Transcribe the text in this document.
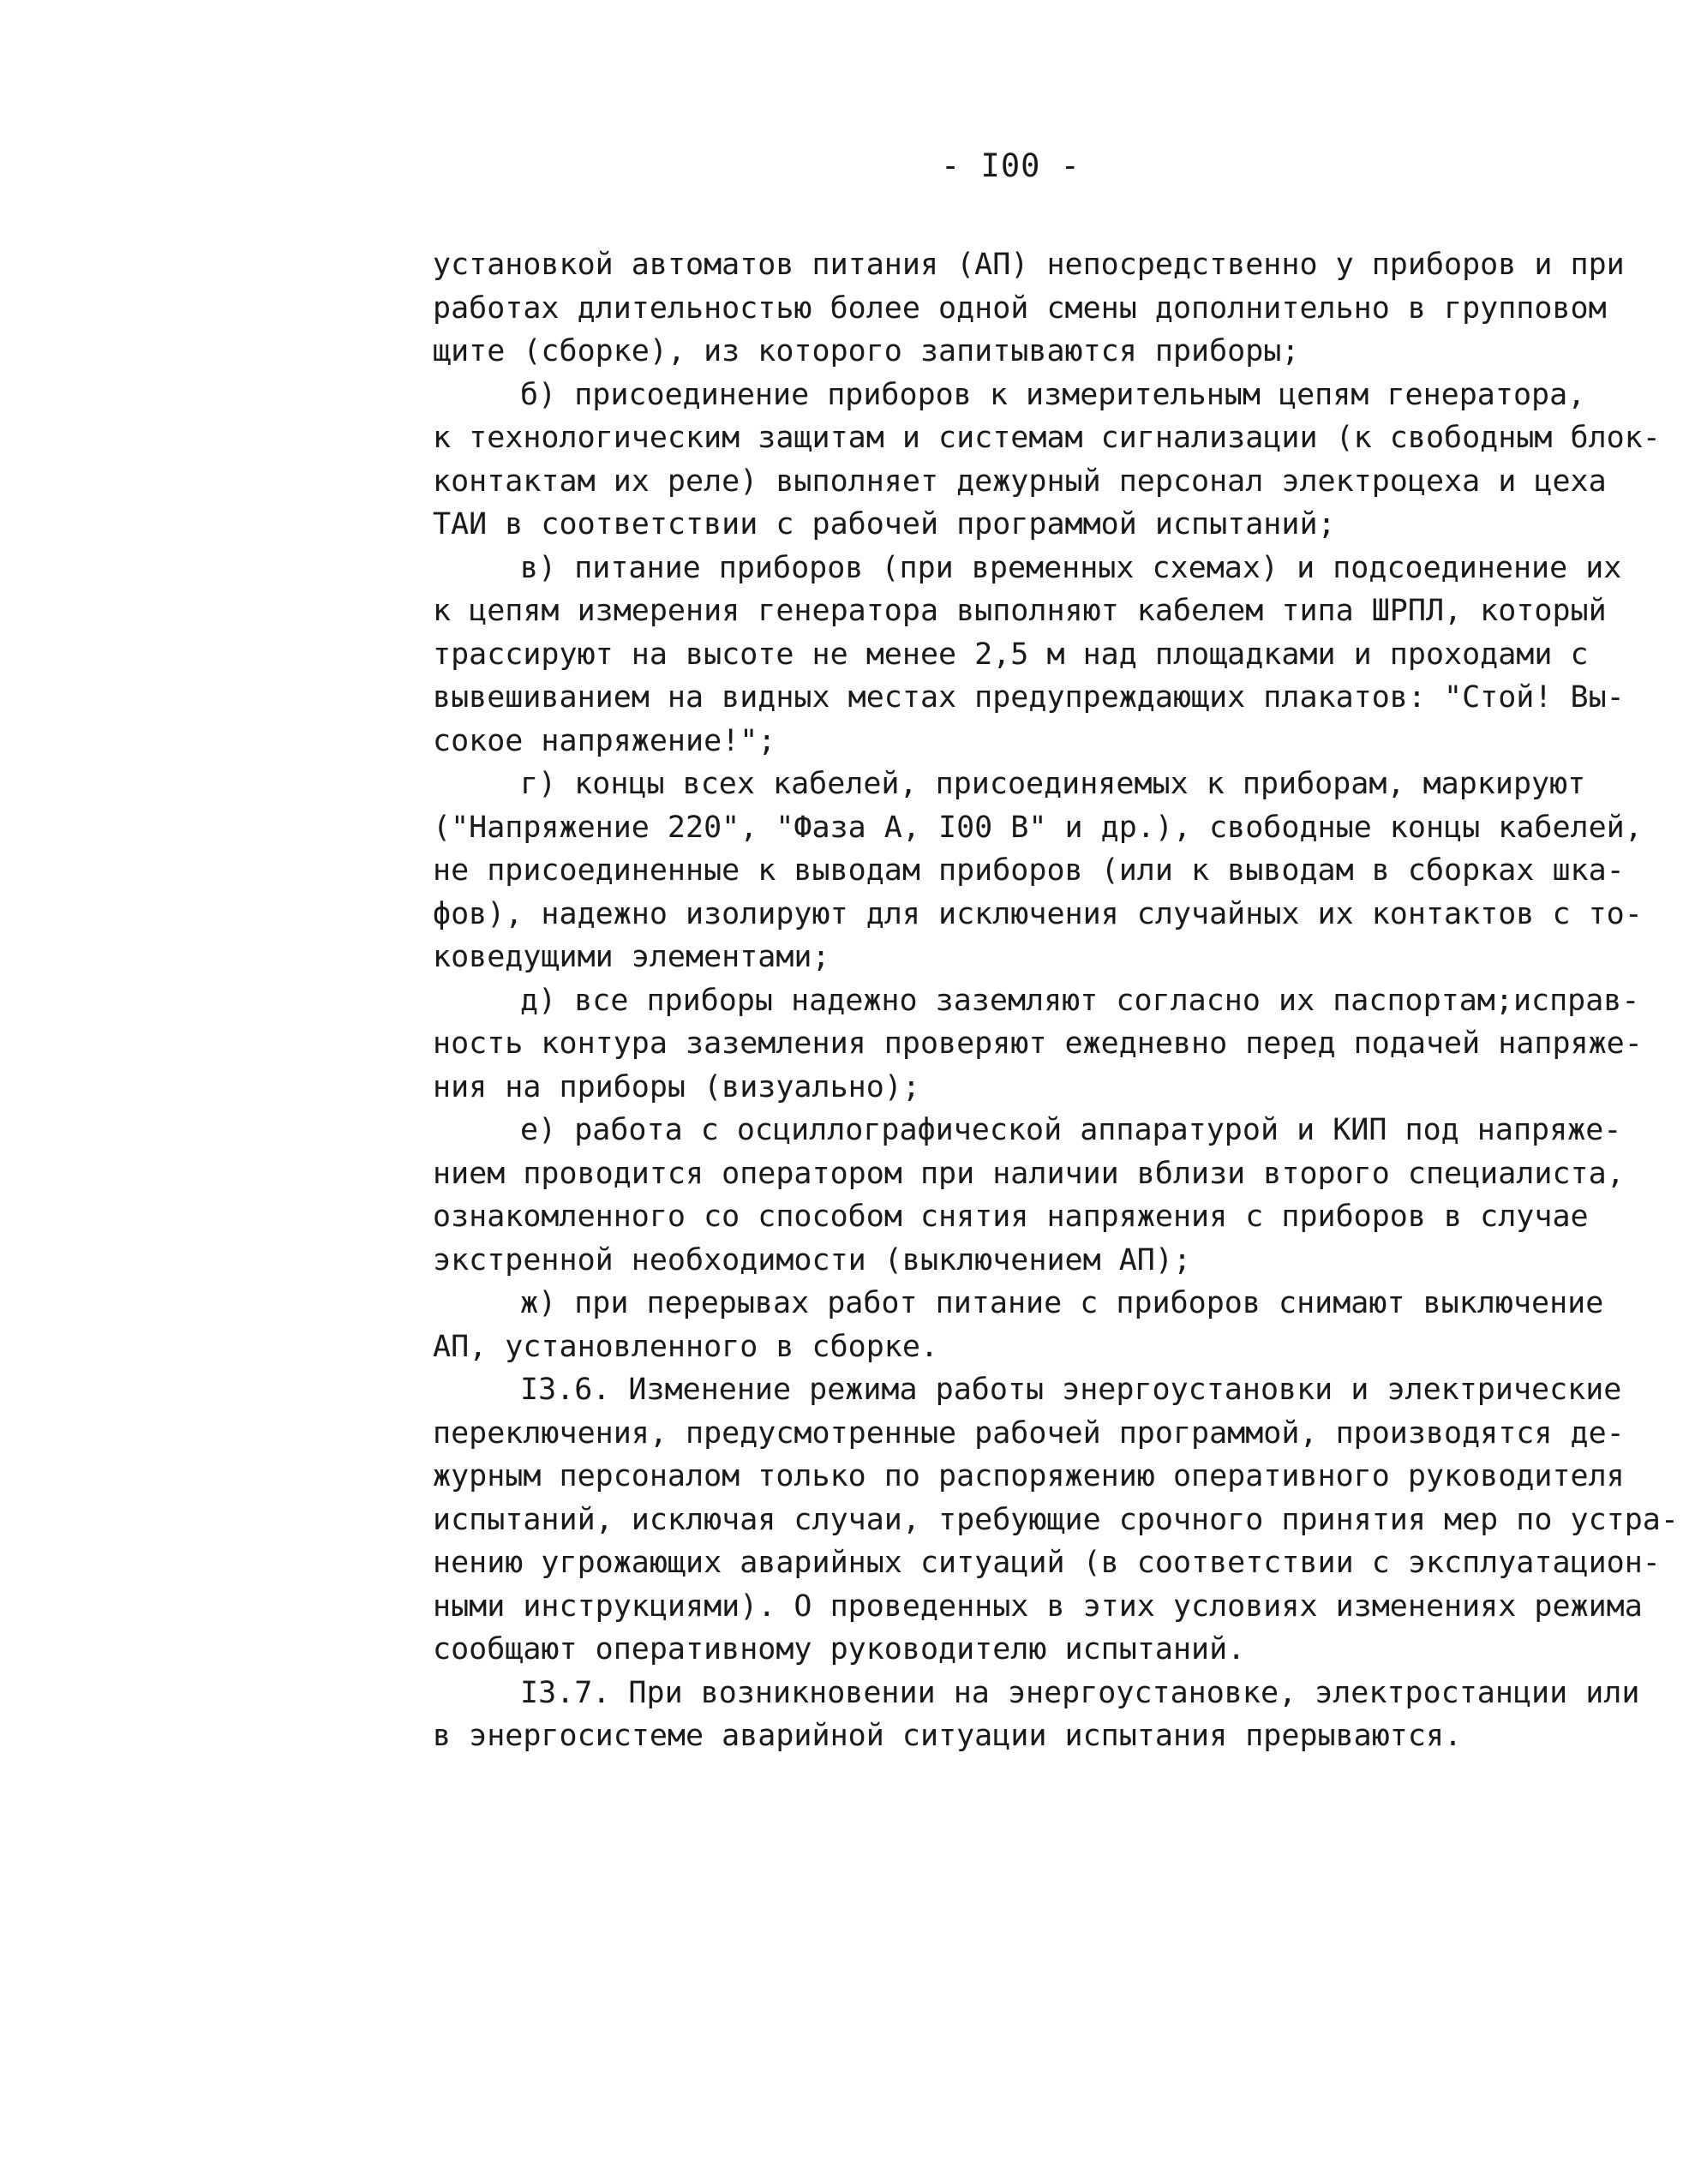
- I00 -
установкой автоматов питания (АП) непосредственно у приборов и при
работах длительностью более одной смены дополнительно в групповом
щите (сборке), из которого запитываются приборы;
б) присоединение приборов к измерительным цепям генератора,
к технологическим защитам и системам сигнализации (к свободным блок-
контактам их реле) выполняет дежурный персонал электроцеха и цеха
ТАИ в соответствии с рабочей программой испытаний;
в) питание приборов (при временных схемах) и подсоединение их
к цепям измерения генератора выполняют кабелем типа ШРПЛ, который
трассируют на высоте не менее 2,5 м над площадками и проходами с
вывешиванием на видных местах предупреждающих плакатов: "Стой! Вы-
сокое напряжение!";
г) концы всех кабелей, присоединяемых к приборам, маркируют
("Напряжение 220", "Фаза А, I00 В" и др.), свободные концы кабелей,
не присоединенные к выводам приборов (или к выводам в сборках шка-
фов), надежно изолируют для исключения случайных их контактов с то-
коведущими элементами;
д) все приборы надежно заземляют согласно их паспортам;исправ-
ность контура заземления проверяют ежедневно перед подачей напряже-
ния на приборы (визуально);
е) работа с осциллографической аппаратурой и КИП под напряже-
нием проводится оператором при наличии вблизи второго специалиста,
ознакомленного со способом снятия напряжения с приборов в случае
экстренной необходимости (выключением АП);
ж) при перерывах работ питание с приборов снимают выключение
АП, установленного в сборке.
I3.6. Изменение режима работы энергоустановки и электрические
переключения, предусмотренные рабочей программой, производятся де-
журным персоналом только по распоряжению оперативного руководителя
испытаний, исключая случаи, требующие срочного принятия мер по устра-
нению угрожающих аварийных ситуаций (в соответствии с эксплуатацион-
ными инструкциями). О проведенных в этих условиях изменениях режима
сообщают оперативному руководителю испытаний.
I3.7. При возникновении на энергоустановке, электростанции или
в энергосистеме аварийной ситуации испытания прерываются.
